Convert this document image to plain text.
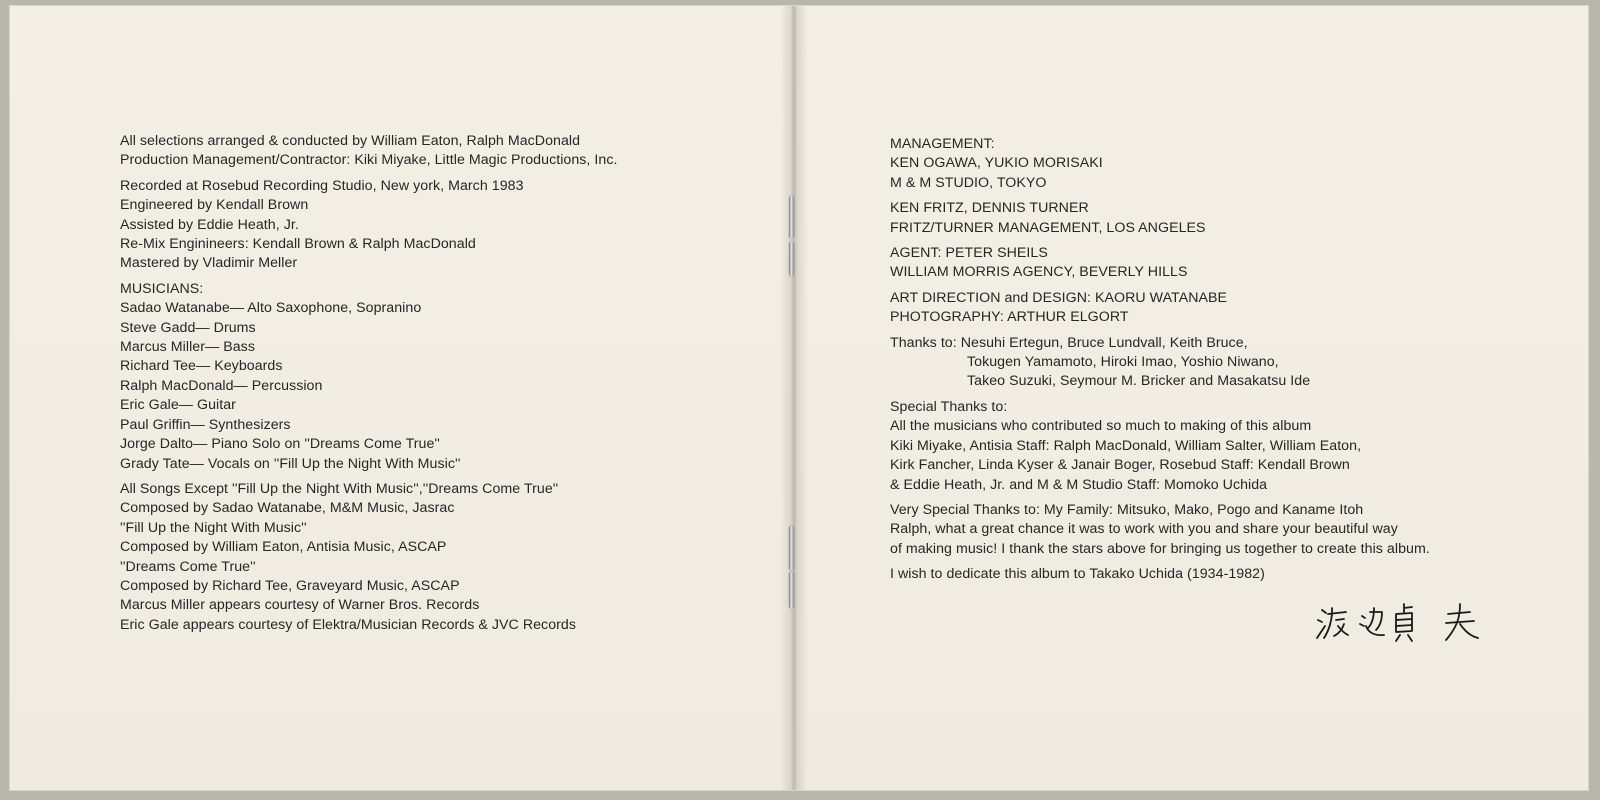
All selections arranged & conducted by William Eaton, Ralph MacDonald
Production Management/Contractor: Kiki Miyake, Little Magic Productions, Inc.
Recorded at Rosebud Recording Studio, New york, March 1983
Engineered by Kendall Brown
Assisted by Eddie Heath, Jr.
Re-Mix Enginineers: Kendall Brown & Ralph MacDonald
Mastered by Vladimir Meller
MUSICIANS:
Sadao Watanabe— Alto Saxophone, Sopranino
Steve Gadd— Drums
Marcus Miller— Bass
Richard Tee— Keyboards
Ralph MacDonald— Percussion
Eric Gale— Guitar
Paul Griffin— Synthesizers
Jorge Dalto— Piano Solo on ''Dreams Come True''
Grady Tate— Vocals on ''Fill Up the Night With Music''
All Songs Except ''Fill Up the Night With Music'',''Dreams Come True''
Composed by Sadao Watanabe, M&M Music, Jasrac
''Fill Up the Night With Music''
Composed by William Eaton, Antisia Music, ASCAP
''Dreams Come True''
Composed by Richard Tee, Graveyard Music, ASCAP
Marcus Miller appears courtesy of Warner Bros. Records
Eric Gale appears courtesy of Elektra/Musician Records & JVC Records
MANAGEMENT:
KEN OGAWA, YUKIO MORISAKI
M & M STUDIO, TOKYO
KEN FRITZ, DENNIS TURNER
FRITZ/TURNER MANAGEMENT, LOS ANGELES
AGENT: PETER SHEILS
WILLIAM MORRIS AGENCY, BEVERLY HILLS
ART DIRECTION and DESIGN: KAORU WATANABE
PHOTOGRAPHY: ARTHUR ELGORT
Thanks to: Nesuhi Ertegun, Bruce Lundvall, Keith Bruce,
Tokugen Yamamoto, Hiroki Imao, Yoshio Niwano,
Takeo Suzuki, Seymour M. Bricker and Masakatsu Ide
Special Thanks to:
All the musicians who contributed so much to making of this album
Kiki Miyake, Antisia Staff: Ralph MacDonald, William Salter, William Eaton,
Kirk Fancher, Linda Kyser & Janair Boger, Rosebud Staff: Kendall Brown
& Eddie Heath, Jr. and M & M Studio Staff: Momoko Uchida
Very Special Thanks to: My Family: Mitsuko, Mako, Pogo and Kaname Itoh
Ralph, what a great chance it was to work with you and share your beautiful way
of making music! I thank the stars above for bringing us together to create this album.
I wish to dedicate this album to Takako Uchida (1934-1982)
